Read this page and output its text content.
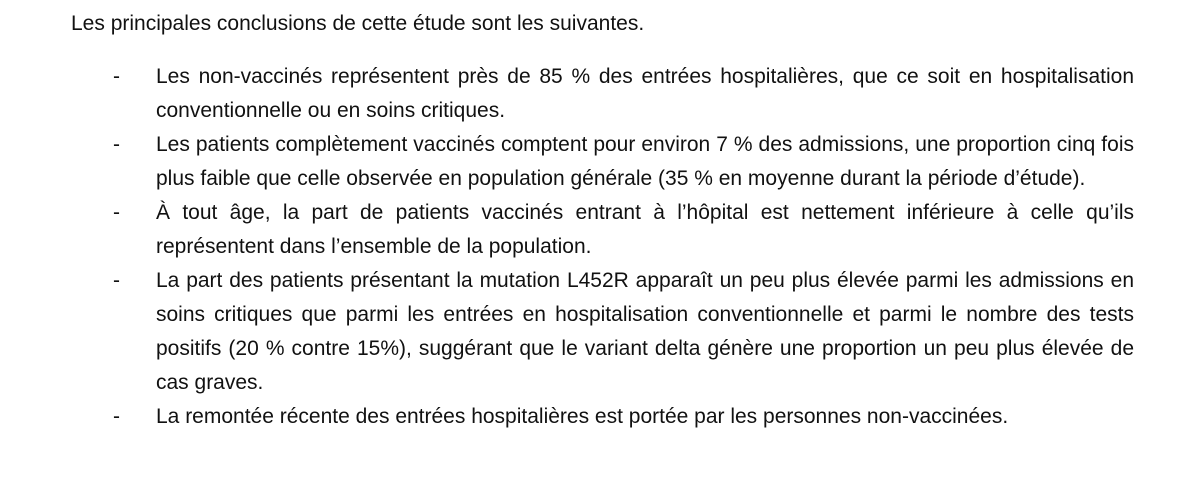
Les principales conclusions de cette étude sont les suivantes.
-	Les non-vaccinés représentent près de 85 % des entrées hospitalières, que ce soit en hospitalisation conventionnelle ou en soins critiques.
-	Les patients complètement vaccinés comptent pour environ 7 % des admissions, une proportion cinq fois plus faible que celle observée en population générale (35 % en moyenne durant la période d’étude).
-	À tout âge, la part de patients vaccinés entrant à l’hôpital est nettement inférieure à celle qu’ils représentent dans l’ensemble de la population.
-	La part des patients présentant la mutation L452R apparaît un peu plus élevée parmi les admissions en soins critiques que parmi les entrées en hospitalisation conventionnelle et parmi le nombre des tests positifs (20 % contre 15%), suggérant que le variant delta génère une proportion un peu plus élevée de cas graves.
-	La remontée récente des entrées hospitalières est portée par les personnes non-vaccinées.
